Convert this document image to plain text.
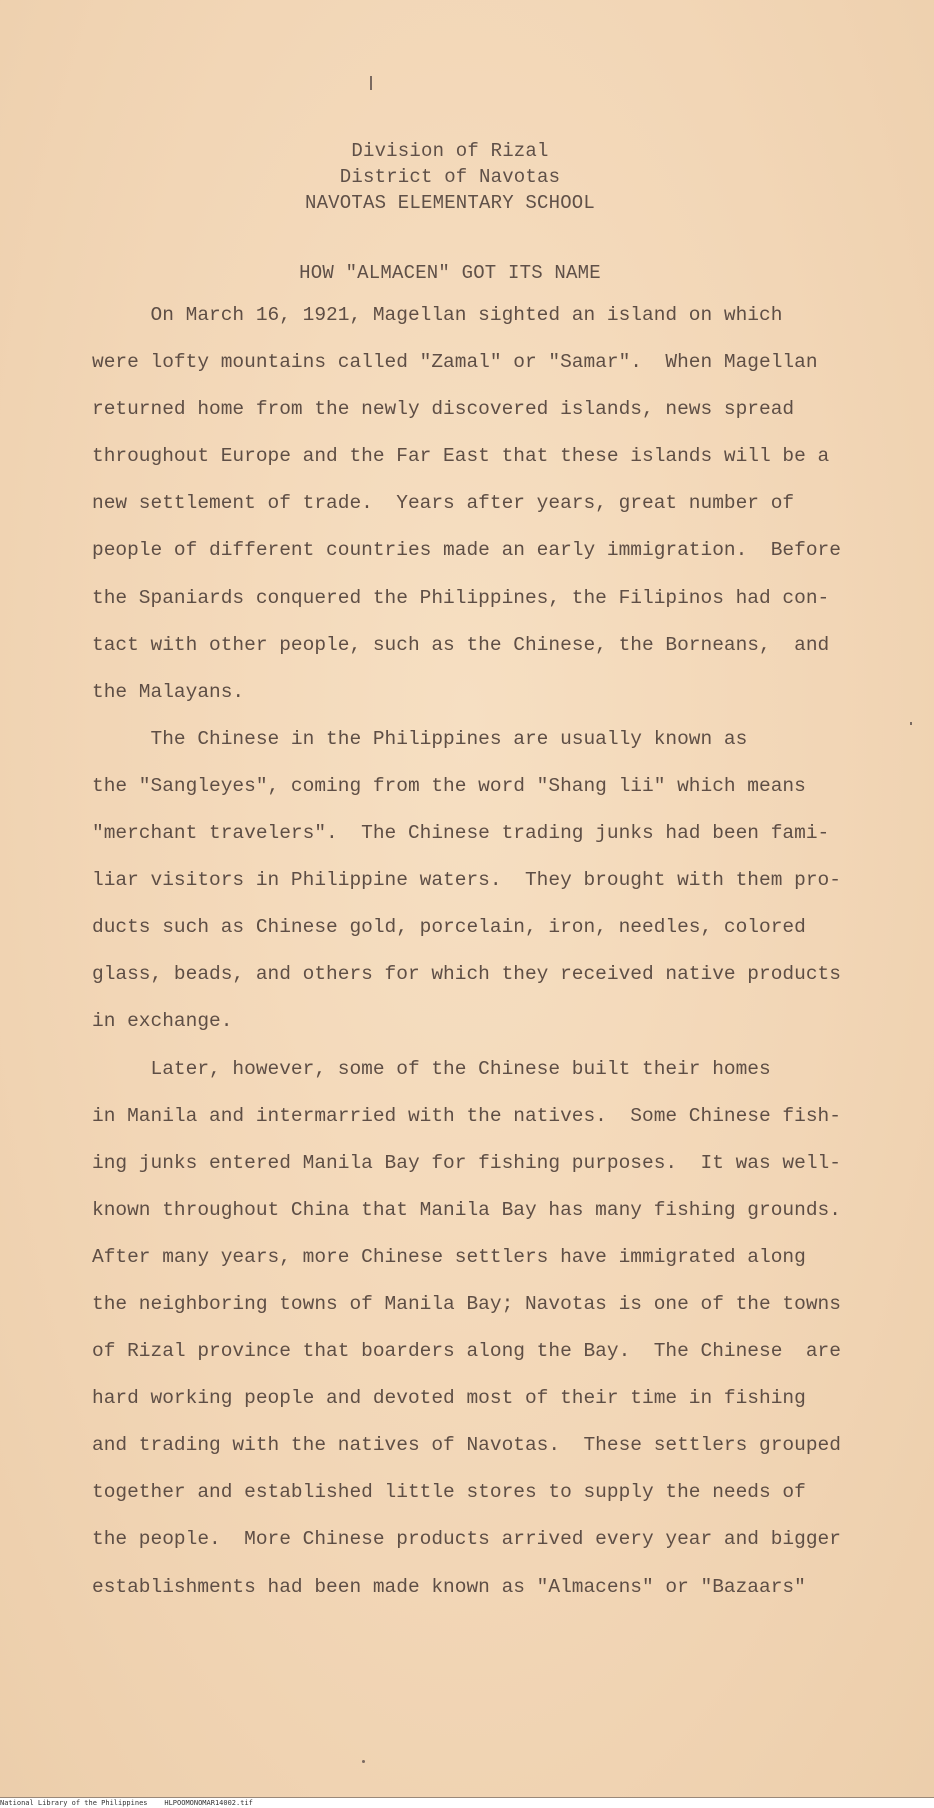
Division of Rizal
District of Navotas
NAVOTAS ELEMENTARY SCHOOL
HOW "ALMACEN" GOT ITS NAME
On March 16, 1921, Magellan sighted an island on which
were lofty mountains called "Zamal" or "Samar".  When Magellan
returned home from the newly discovered islands, news spread
throughout Europe and the Far East that these islands will be a
new settlement of trade.  Years after years, great number of
people of different countries made an early immigration.  Before
the Spaniards conquered the Philippines, the Filipinos had con-
tact with other people, such as the Chinese, the Borneans,  and
the Malayans.
The Chinese in the Philippines are usually known as
the "Sangleyes", coming from the word "Shang lii" which means
"merchant travelers".  The Chinese trading junks had been fami-
liar visitors in Philippine waters.  They brought with them pro-
ducts such as Chinese gold, porcelain, iron, needles, colored
glass, beads, and others for which they received native products
in exchange.
Later, however, some of the Chinese built their homes
in Manila and intermarried with the natives.  Some Chinese fish-
ing junks entered Manila Bay for fishing purposes.  It was well-
known throughout China that Manila Bay has many fishing grounds.
After many years, more Chinese settlers have immigrated along
the neighboring towns of Manila Bay; Navotas is one of the towns
of Rizal province that boarders along the Bay.  The Chinese  are
hard working people and devoted most of their time in fishing
and trading with the natives of Navotas.  These settlers grouped
together and established little stores to supply the needs of
the people.  More Chinese products arrived every year and bigger
establishments had been made known as "Almacens" or "Bazaars"
National Library of the Philippines HLPOOMONOMAR14002.tif
